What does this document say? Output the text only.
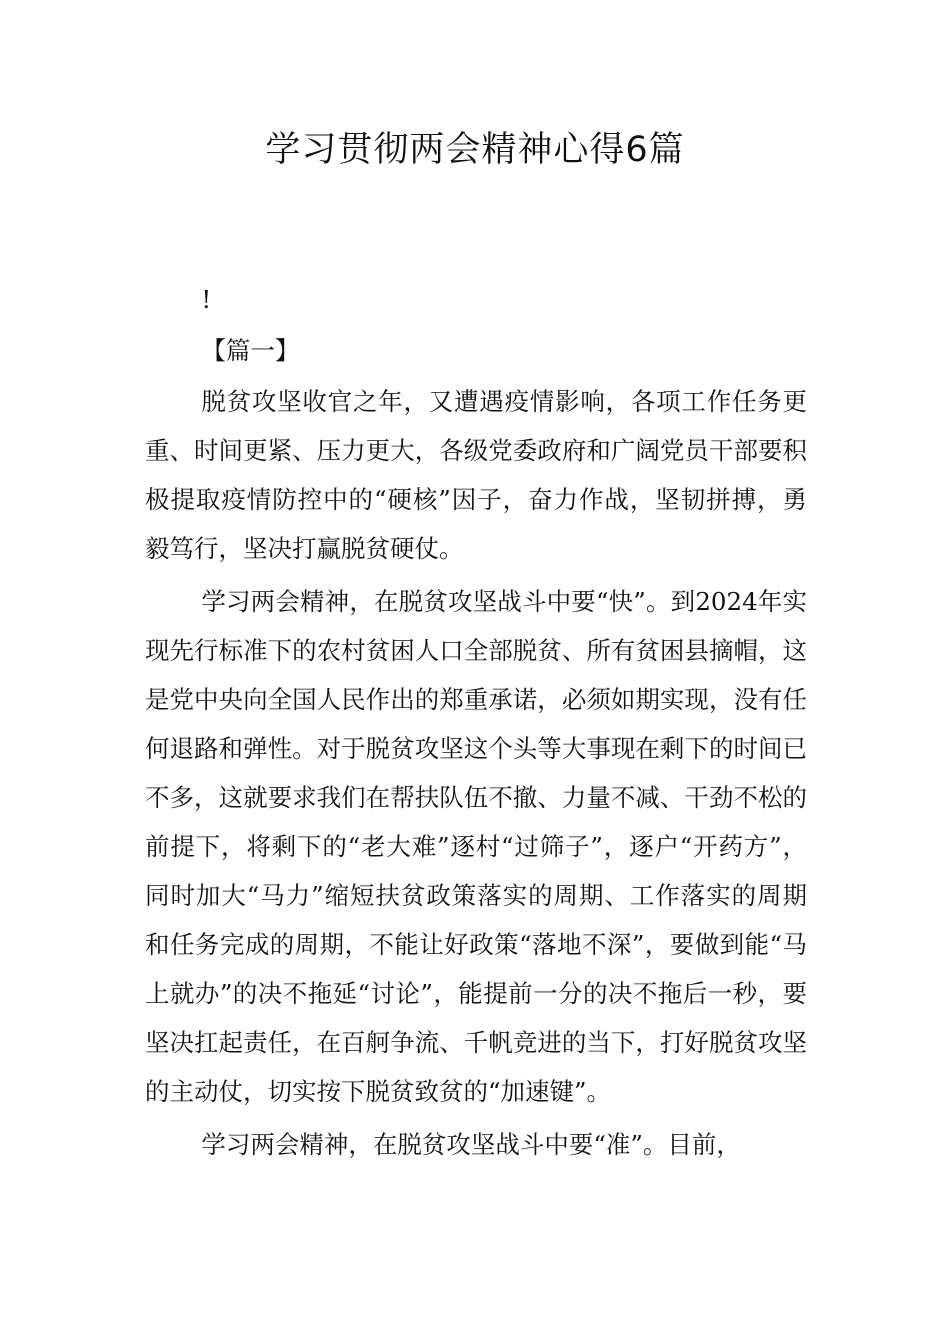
学习贯彻两会精神心得6篇

!

【篇一】

脱贫攻坚收官之年，又遭遇疫情影响，各项工作任务更重、时间更紧、压力更大，各级党委政府和广阔党员干部要积极提取疫情防控中的“硬核”因子，奋力作战，坚韧拼搏，勇毅笃行，坚决打赢脱贫硬仗。

学习两会精神，在脱贫攻坚战斗中要“快”。到2024年实现先行标准下的农村贫困人口全部脱贫、所有贫困县摘帽，这是党中央向全国人民作出的郑重承诺，必须如期实现，没有任何退路和弹性。对于脱贫攻坚这个头等大事现在剩下的时间已不多，这就要求我们在帮扶队伍不撤、力量不减、干劲不松的前提下，将剩下的“老大难”逐村“过筛子”，逐户“开药方”，同时加大“马力”缩短扶贫政策落实的周期、工作落实的周期和任务完成的周期，不能让好政策“落地不深”，要做到能“马上就办”的决不拖延“讨论”，能提前一分的决不拖后一秒，要坚决扛起责任，在百舸争流、千帆竞进的当下，打好脱贫攻坚的主动仗，切实按下脱贫致贫的“加速键”。

学习两会精神，在脱贫攻坚战斗中要“准”。目前，
